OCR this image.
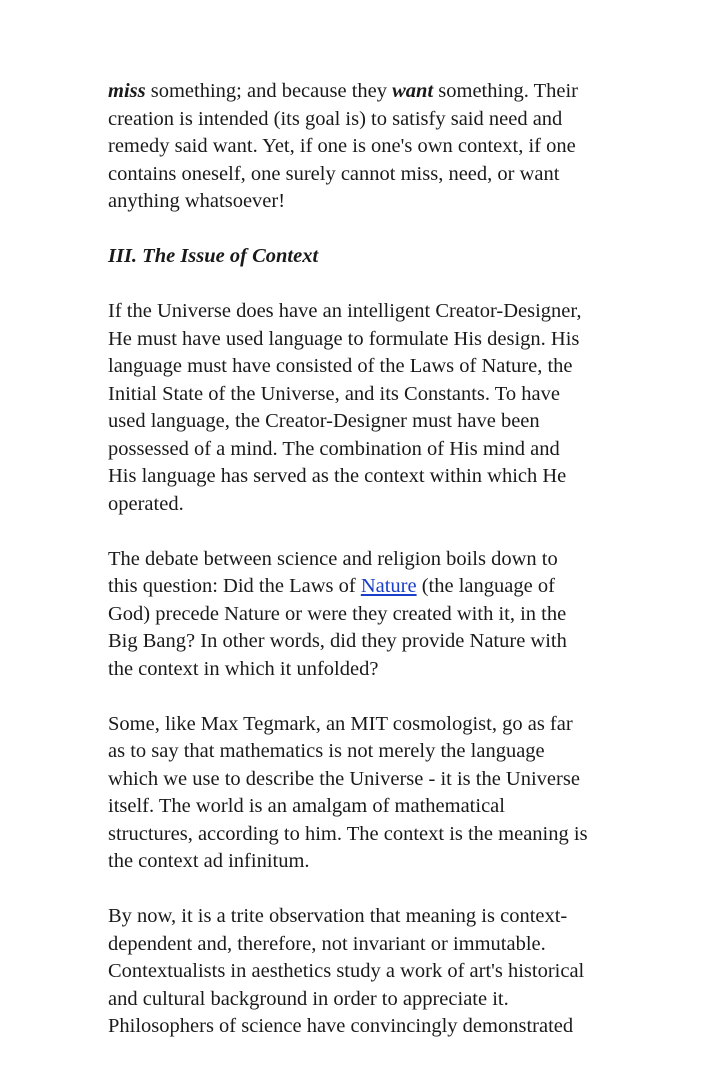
miss something; and because they want something. Their
creation is intended (its goal is) to satisfy said need and
remedy said want. Yet, if one is one's own context, if one
contains oneself, one surely cannot miss, need, or want
anything whatsoever!

III. The Issue of Context

If the Universe does have an intelligent Creator-Designer,
He must have used language to formulate His design. His
language must have consisted of the Laws of Nature, the
Initial State of the Universe, and its Constants. To have
used language, the Creator-Designer must have been
possessed of a mind. The combination of His mind and
His language has served as the context within which He
operated.

The debate between science and religion boils down to
this question: Did the Laws of Nature (the language of
God) precede Nature or were they created with it, in the
Big Bang? In other words, did they provide Nature with
the context in which it unfolded?

Some, like Max Tegmark, an MIT cosmologist, go as far
as to say that mathematics is not merely the language
which we use to describe the Universe - it is the Universe
itself. The world is an amalgam of mathematical
structures, according to him. The context is the meaning is
the context ad infinitum.

By now, it is a trite observation that meaning is context-
dependent and, therefore, not invariant or immutable.
Contextualists in aesthetics study a work of art's historical
and cultural background in order to appreciate it.
Philosophers of science have convincingly demonstrated
